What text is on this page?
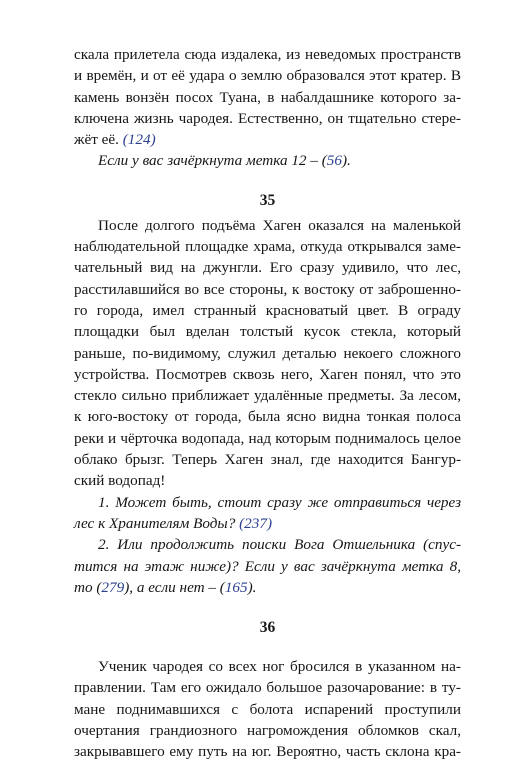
скала прилетела сюда издалека, из неведомых пространств
и времён, и от её удара о землю образовался этот кратер. В
камень вонзён посох Туана, в набалдашнике которого за-
ключена жизнь чародея. Естественно, он тщательно стере-
жёт её. (124)
Если у вас зачёркнута метка 12 – (56).
35
После долгого подъёма Хаген оказался на маленькой
наблюдательной площадке храма, откуда открывался заме-
чательный вид на джунгли. Его сразу удивило, что лес,
расстилавшийся во все стороны, к востоку от заброшенно-
го города, имел странный красноватый цвет. В ограду
площадки был вделан толстый кусок стекла, который
раньше, по-видимому, служил деталью некоего сложного
устройства. Посмотрев сквозь него, Хаген понял, что это
стекло сильно приближает удалённые предметы. За лесом,
к юго-востоку от города, была ясно видна тонкая полоса
реки и чёрточка водопада, над которым поднималось целое
облако брызг. Теперь Хаген знал, где находится Бангур-
ский водопад!
1. Может быть, стоит сразу же отправиться через
лес к Хранителям Воды? (237)
2. Или продолжить поиски Вога Отшельника (спус-
тится на этаж ниже)? Если у вас зачёркнута метка 8,
то (279), а если нет – (165).
36
Ученик чародея со всех ног бросился в указанном на-
правлении. Там его ожидало большое разочарование: в ту-
мане поднимавшихся с болота испарений проступили
очертания грандиозного нагромождения обломков скал,
закрывавшего ему путь на юг. Вероятно, часть склона кра-
